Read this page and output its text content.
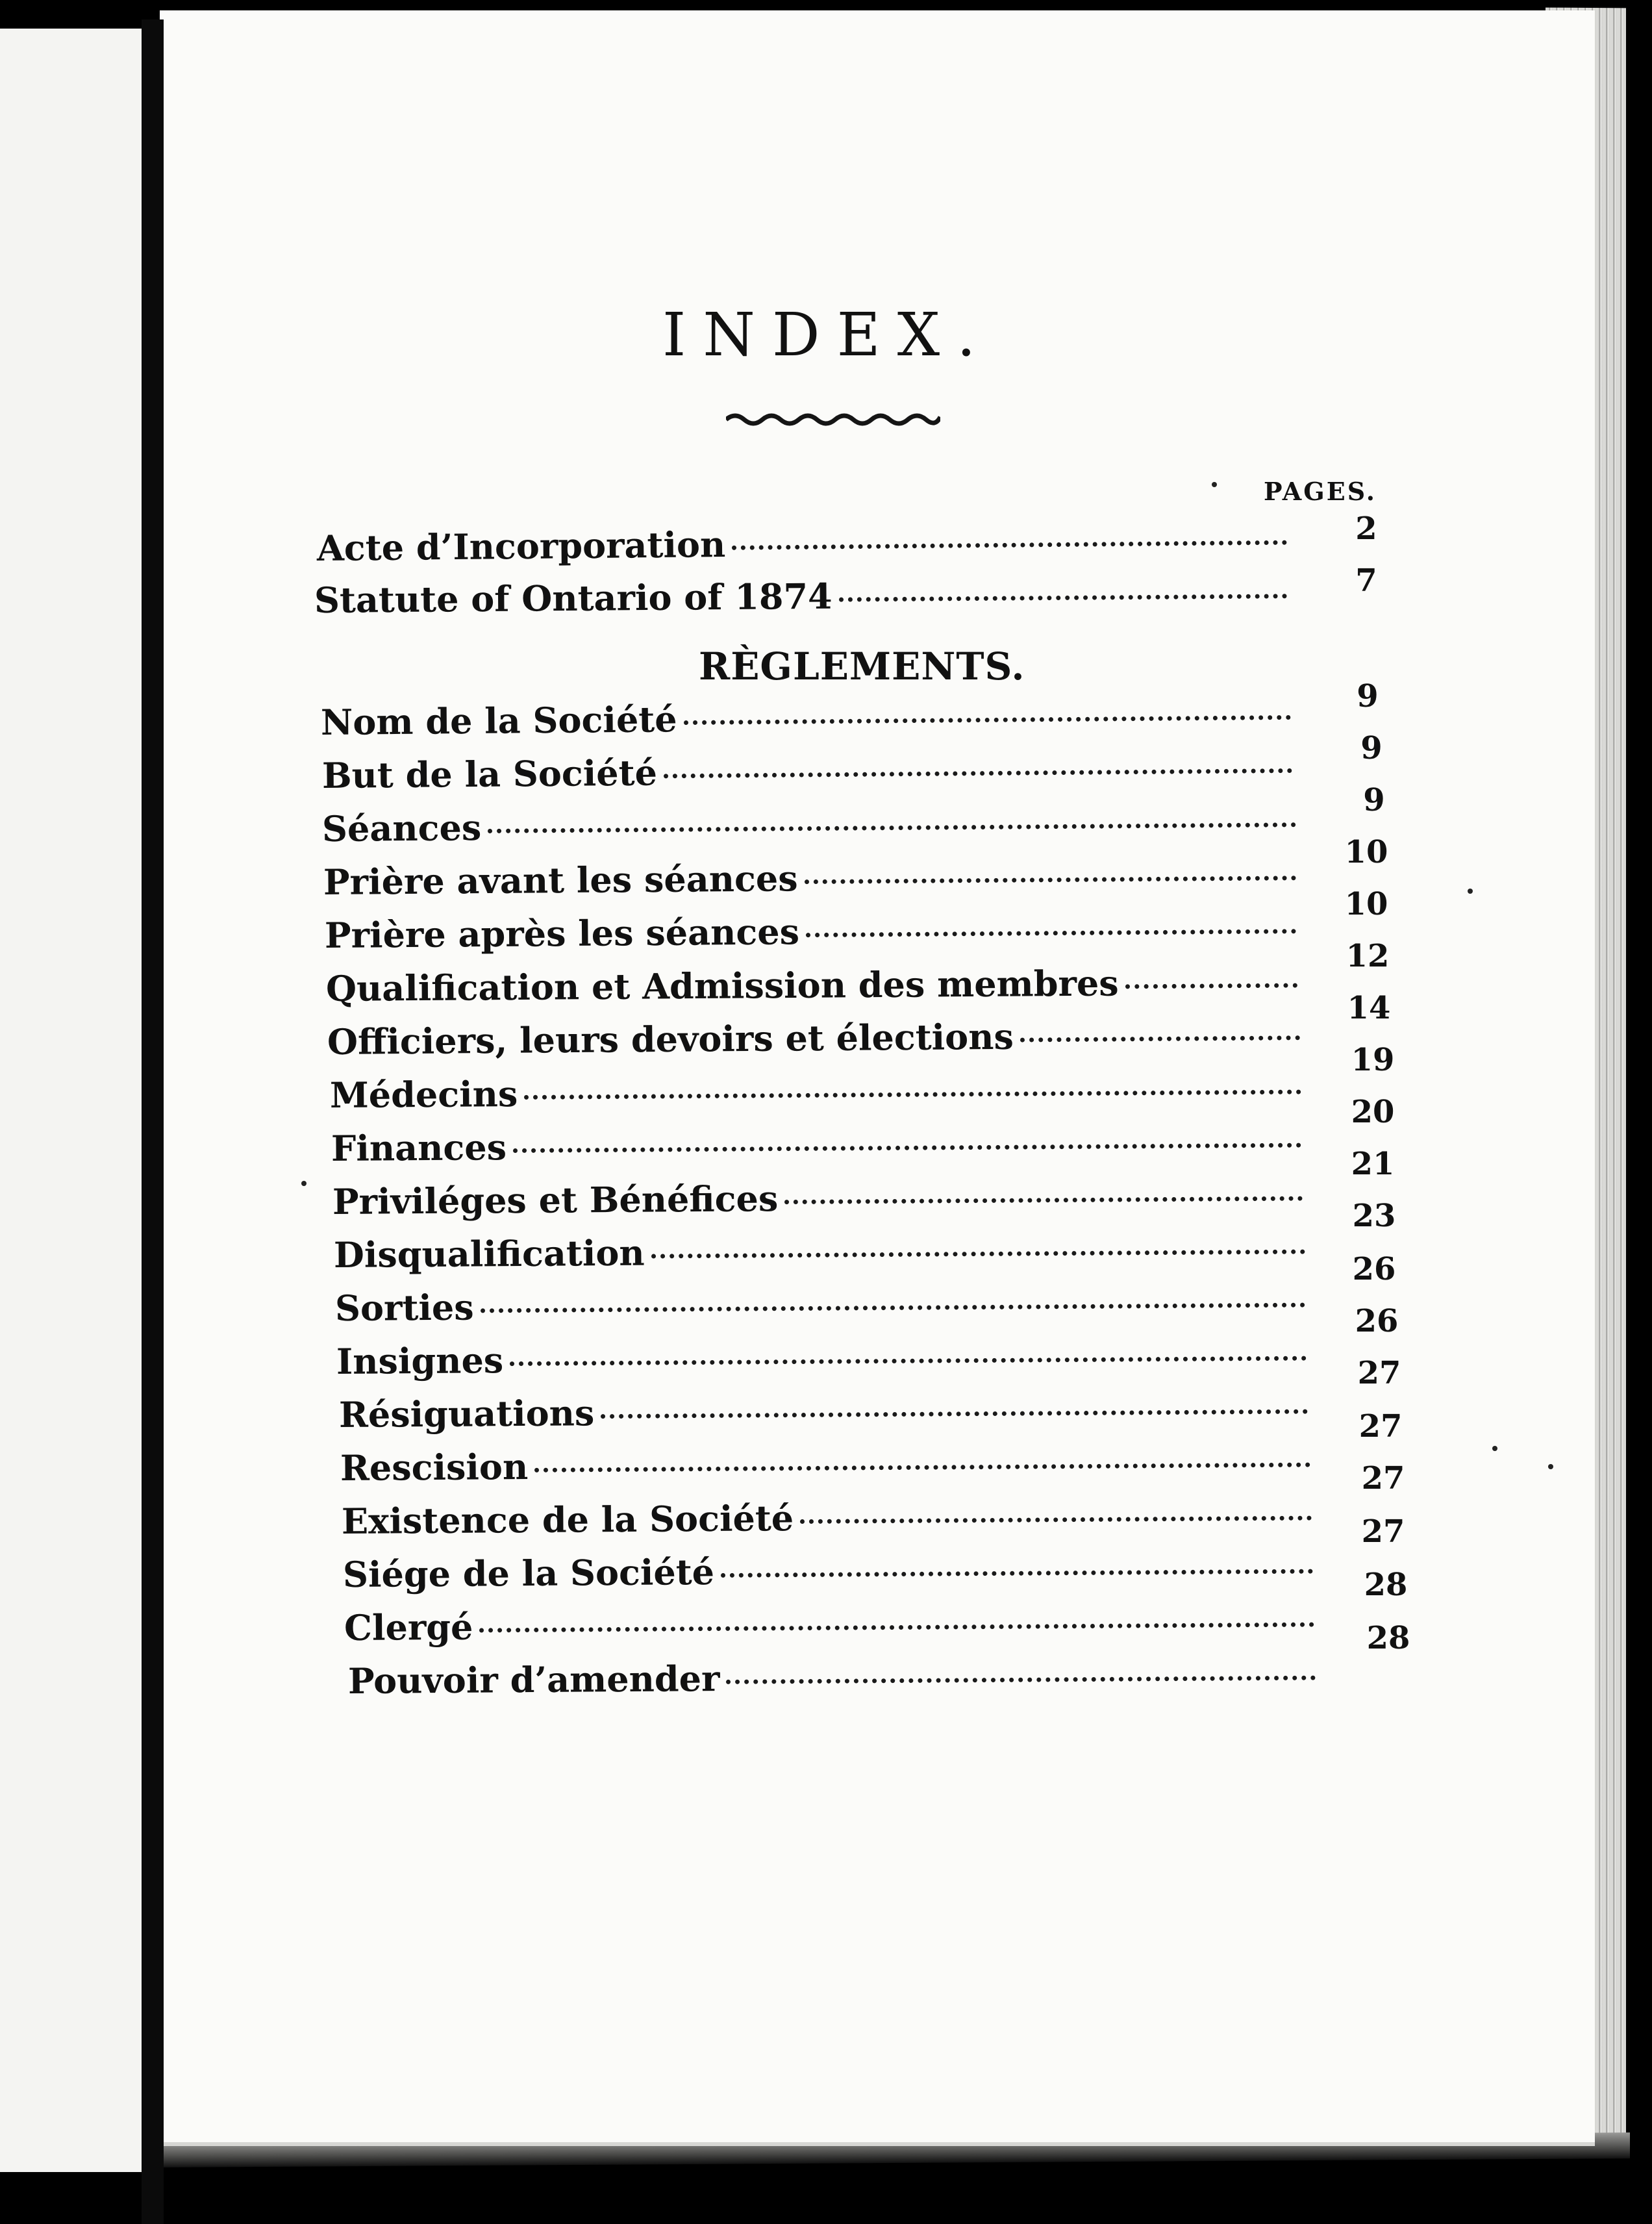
INDEX.
PAGES.
Acte d’Incorporation	2
Statute of Ontario of 1874	7
RÈGLEMENTS.
Nom de la Société
9
But de la Société
9
Séances
9
Prière avant les séances
10
Prière après les séances
10
Qualification et Admission des membres
12
Officiers, leurs devoirs et élections
14
Médecins
19
Finances
20
Priviléges et Bénéfices
21
Disqualification
23
Sorties
26
Insignes
26
Résiguations
27
Rescision
27
Existence de la Société
27
Siége de la Société
27
Clergé
28
Pouvoir d’amender
28
